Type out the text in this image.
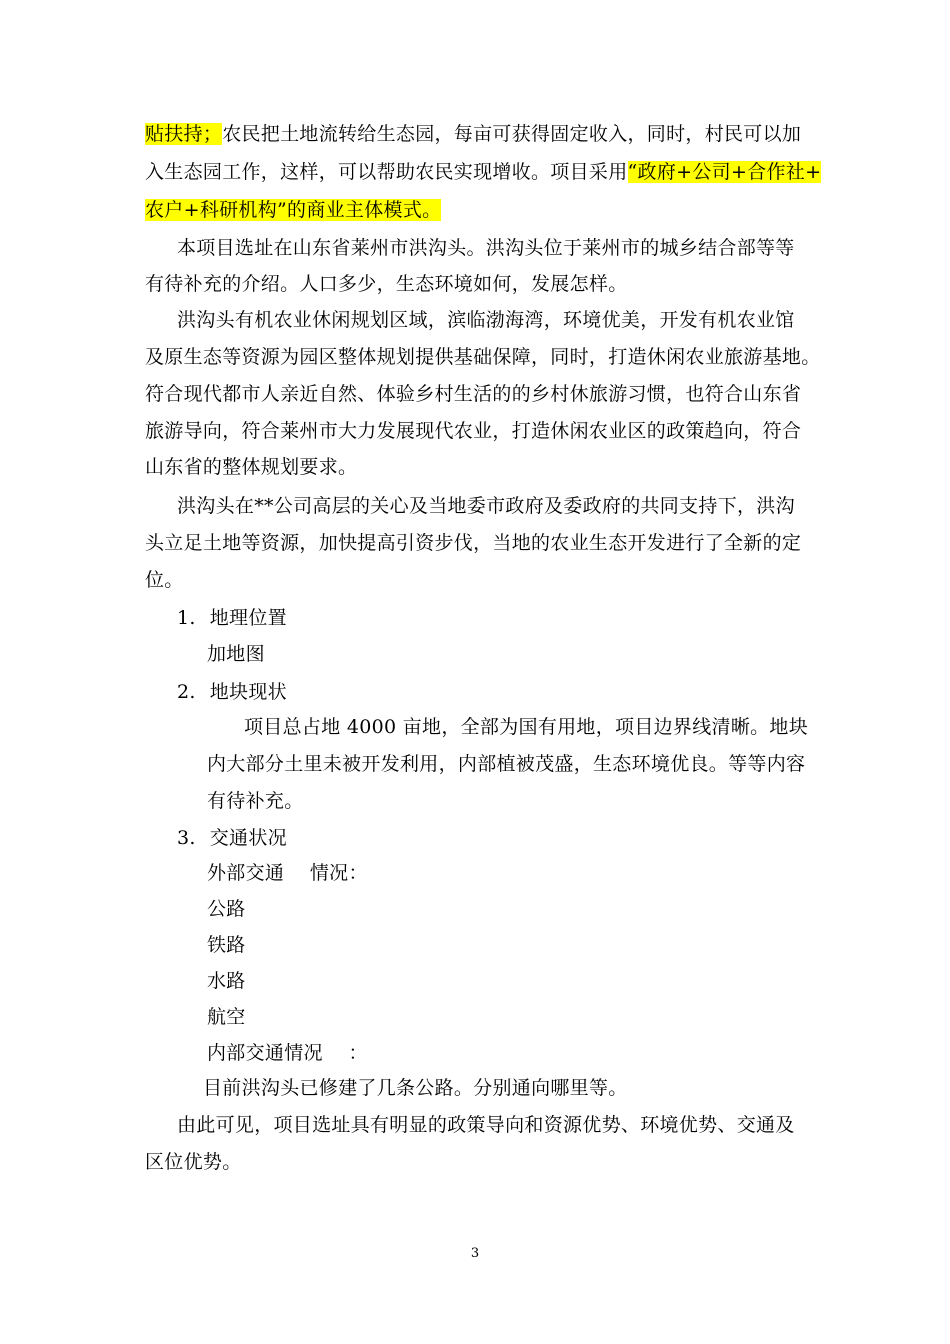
贴扶持；农民把土地流转给生态园，每亩可获得固定收入，同时，村民可以加
入生态园工作，这样，可以帮助农民实现增收。项目采用“政府+公司+合作社+
农户+科研机构”的商业主体模式。
本项目选址在山东省莱州市洪沟头。洪沟头位于莱州市的城乡结合部等等
有待补充的介绍。人口多少，生态环境如何，发展怎样。
洪沟头有机农业休闲规划区域，滨临渤海湾，环境优美，开发有机农业馆
及原生态等资源为园区整体规划提供基础保障，同时，打造休闲农业旅游基地。
符合现代都市人亲近自然、体验乡村生活的的乡村休旅游习惯，也符合山东省
旅游导向，符合莱州市大力发展现代农业，打造休闲农业区的政策趋向，符合
山东省的整体规划要求。
洪沟头在**公司高层的关心及当地委市政府及委政府的共同支持下，洪沟
头立足土地等资源，加快提高引资步伐，当地的农业生态开发进行了全新的定
位。
1. 地理位置
加地图
2. 地块现状
项目总占地 4000 亩地，全部为国有用地，项目边界线清晰。地块
内大部分土里未被开发利用，内部植被茂盛，生态环境优良。等等内容
有待补充。
3. 交通状况
外部交通　 情况：
公路
铁路
水路
航空
内部交通情况　 ：
目前洪沟头已修建了几条公路。分别通向哪里等。
由此可见，项目选址具有明显的政策导向和资源优势、环境优势、交通及
区位优势。
3
